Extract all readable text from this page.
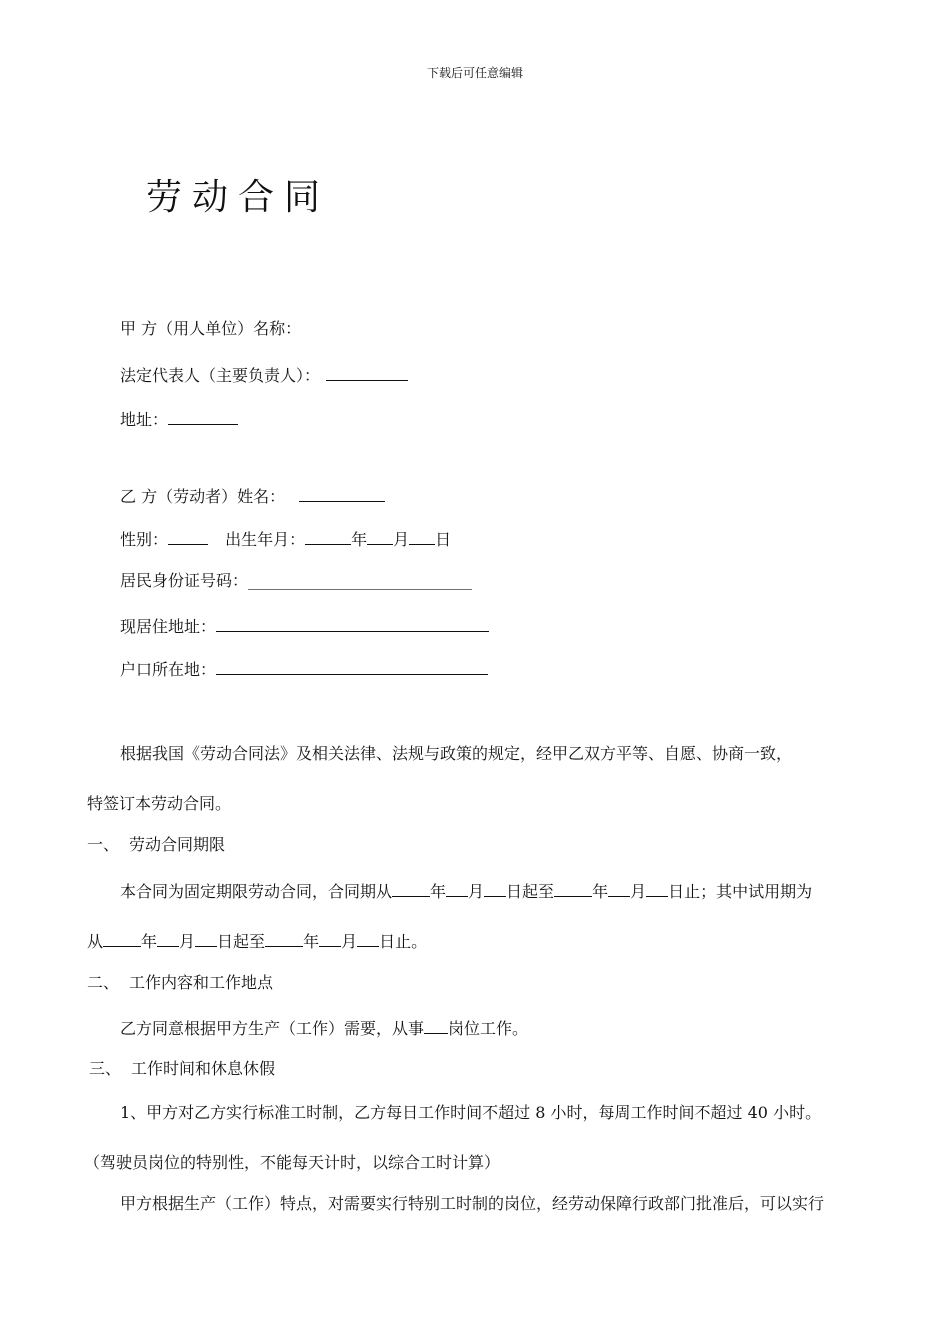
下载后可任意编辑
劳动合同
甲 方（用人单位）名称：
法定代表人（主要负责人）：
地址：
乙 方（劳动者）姓名：
性别：	出生年月：	年 月 日
居民身份证号码：____________________________
现居住地址：
户口所在地：
根据我国《劳动合同法》及相关法律、法规与政策的规定，经甲乙双方平等、自愿、协商一致，
特签订本劳动合同。
一、 劳动合同期限
本合同为固定期限劳动合同，合同期从 年 月 日起至 年 月 日止；其中试用期为
从 年 月 日起至 年 月 日止。
二、 工作内容和工作地点
乙方同意根据甲方生产（工作）需要，从事 岗位工作。
三、 工作时间和休息休假
1、甲方对乙方实行标准工时制，乙方每日工作时间不超过 8 小时，每周工作时间不超过 40 小时。
（驾驶员岗位的特别性，不能每天计时，以综合工时计算）
甲方根据生产（工作）特点，对需要实行特别工时制的岗位，经劳动保障行政部门批准后，可以实行
